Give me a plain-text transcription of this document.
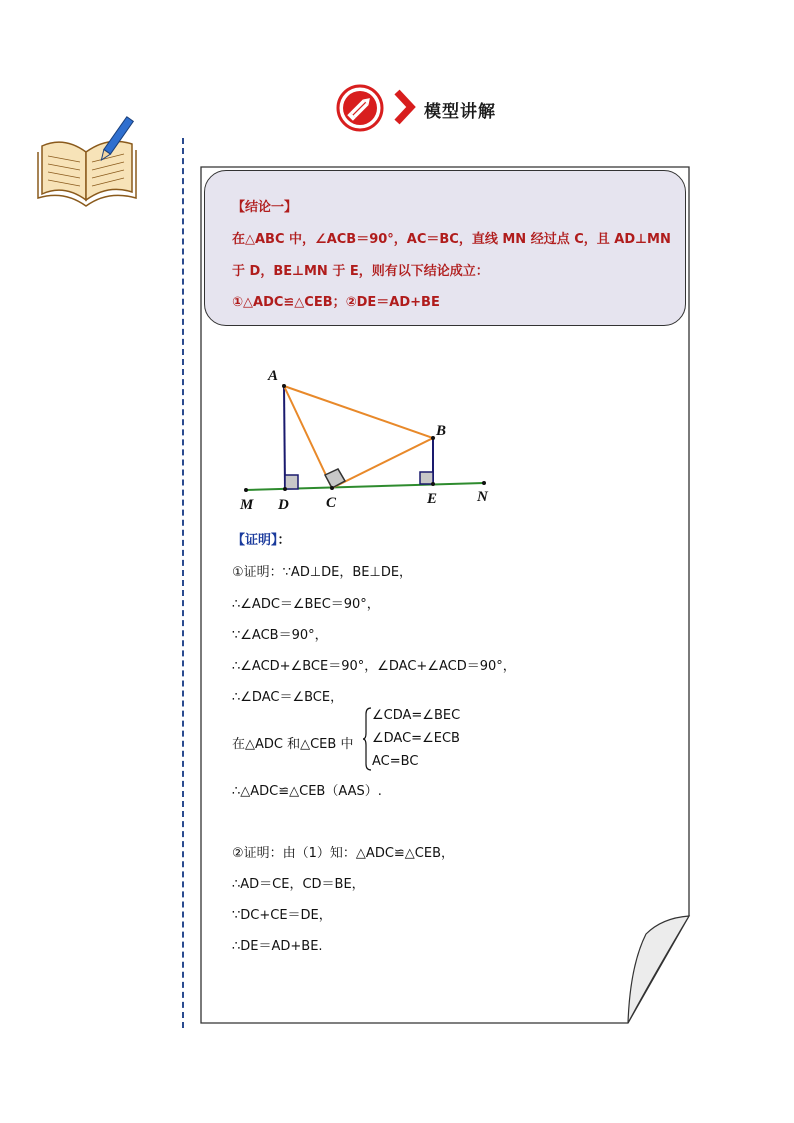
模型讲解
【结论一】
在△ABC 中，∠ACB＝90°，AC＝BC，直线 MN 经过点 C，且 AD⊥MN
于 D，BE⊥MN 于 E，则有以下结论成立：
①△ADC≌△CEB；②DE＝AD+BE
A
B
C
D	E
M	N
【证明】：
①证明：∵AD⊥DE，BE⊥DE，
∴∠ADC＝∠BEC＝90°，
∵∠ACB＝90°，
∴∠ACD+∠BCE＝90°，∠DAC+∠ACD＝90°，
∴∠DAC＝∠BCE，
在△ADC 和△CEB 中
∠CDA=∠BEC
∠DAC=∠ECB
AC=BC
∴△ADC≌△CEB（AAS）.
②证明：由（1）知：△ADC≌△CEB，
∴AD＝CE，CD＝BE，
∵DC+CE＝DE，
∴DE＝AD+BE.
